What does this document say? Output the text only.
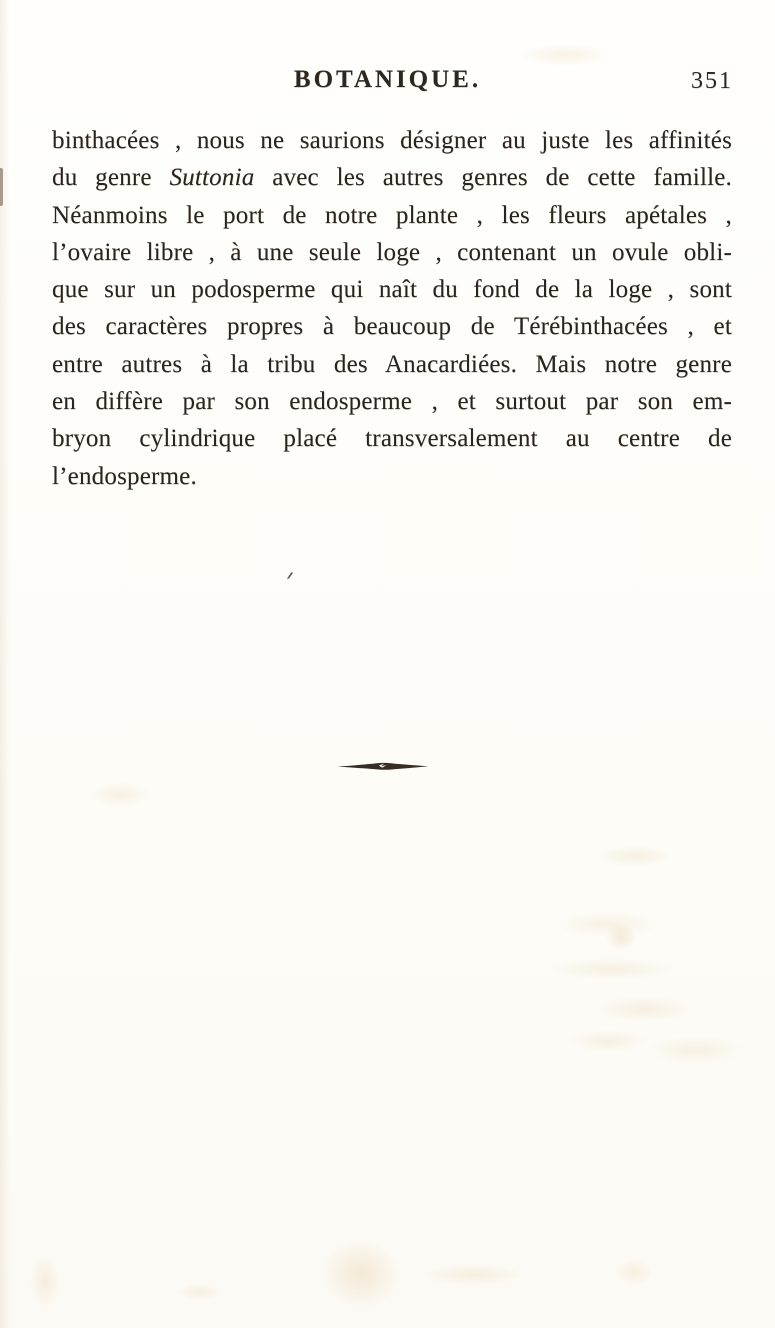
BOTANIQUE.	351
binthacées , nous ne saurions désigner au juste les affinités
du genre Suttonia avec les autres genres de cette famille.
Néanmoins le port de notre plante , les fleurs apétales ,
l’ovaire libre , à une seule loge , contenant un ovule obli-
que sur un podosperme qui naît du fond de la loge , sont
des caractères propres à beaucoup de Térébinthacées , et
entre autres à la tribu des Anacardiées. Mais notre genre
en diffère par son endosperme , et surtout par son em-
bryon cylindrique placé transversalement au centre de
l’endosperme.
